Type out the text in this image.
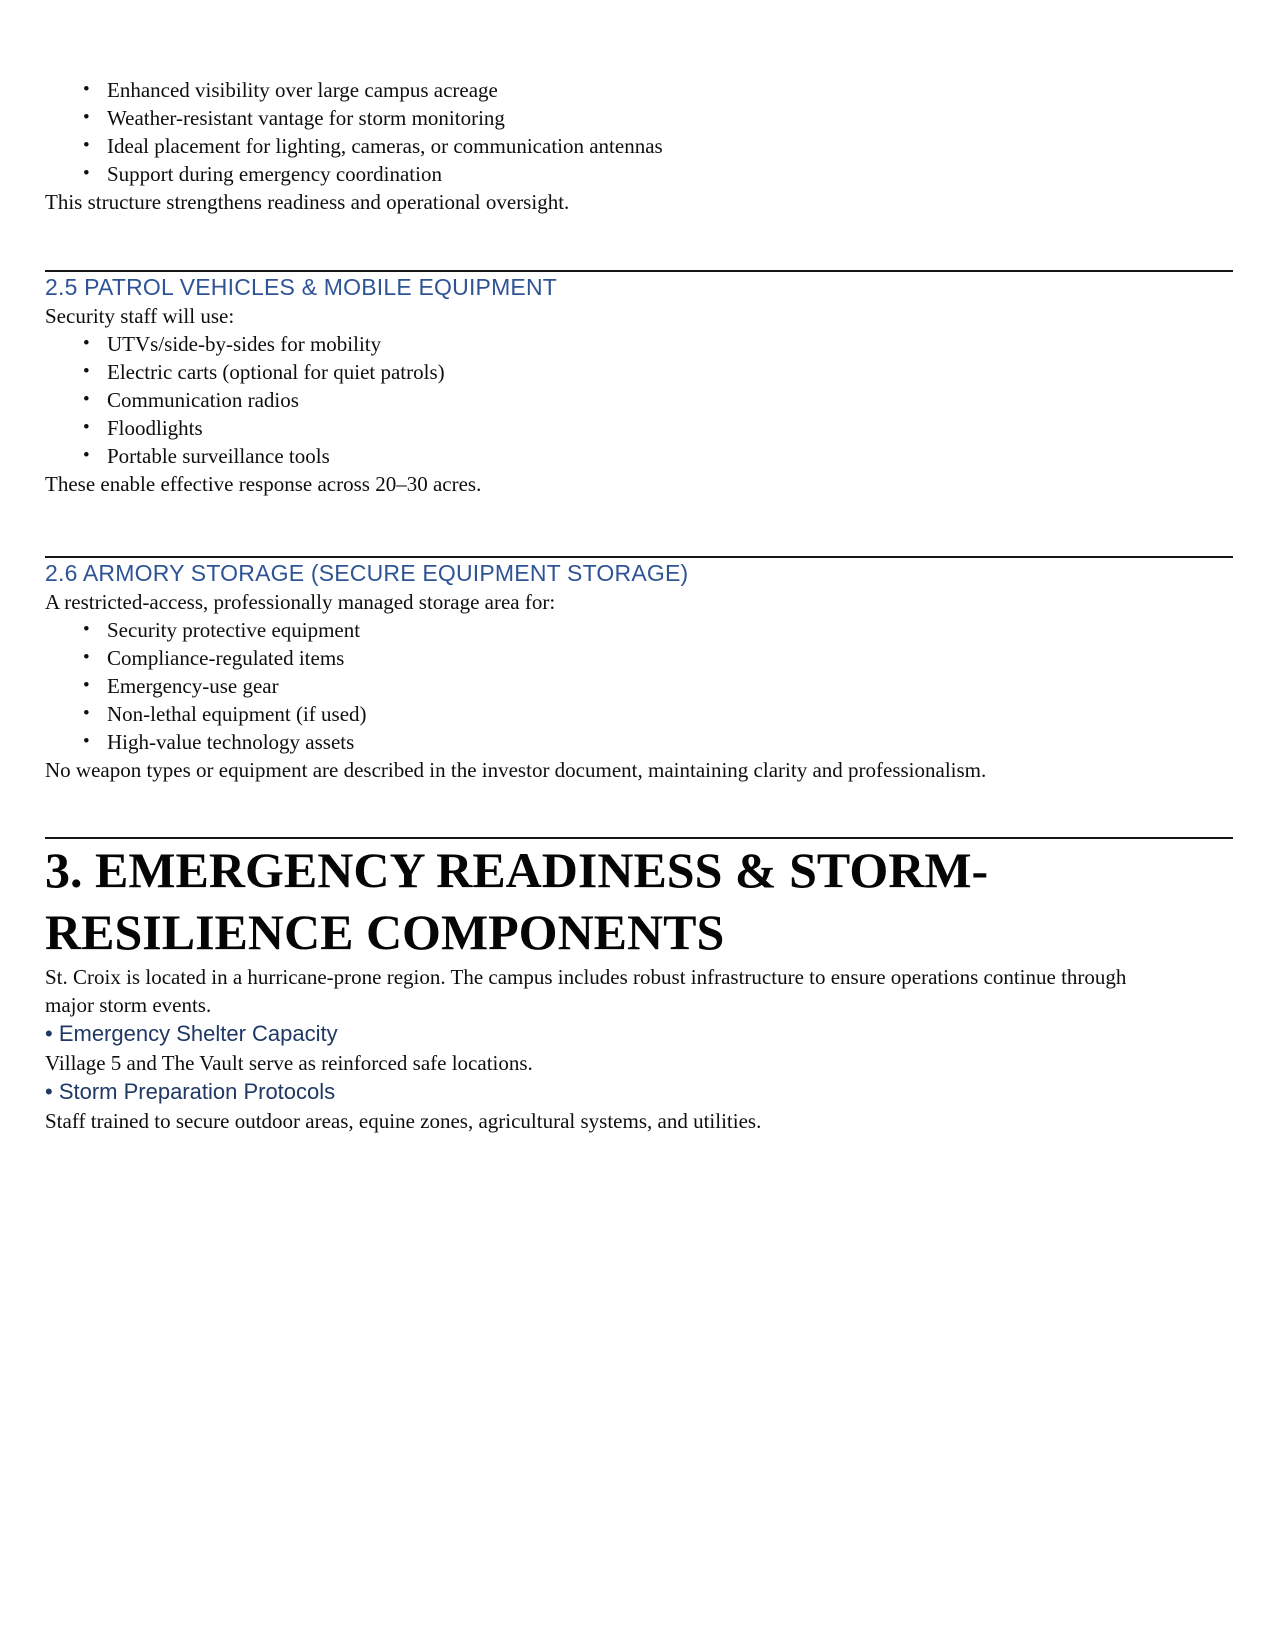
• Enhanced visibility over large campus acreage
• Weather-resistant vantage for storm monitoring
• Ideal placement for lighting, cameras, or communication antennas
• Support during emergency coordination

This structure strengthens readiness and operational oversight.

2.5 PATROL VEHICLES & MOBILE EQUIPMENT

Security staff will use:

• UTVs/side-by-sides for mobility
• Electric carts (optional for quiet patrols)
• Communication radios
• Floodlights
• Portable surveillance tools

These enable effective response across 20–30 acres.

2.6 ARMORY STORAGE (SECURE EQUIPMENT STORAGE)

A restricted-access, professionally managed storage area for:

• Security protective equipment
• Compliance-regulated items
• Emergency-use gear
• Non-lethal equipment (if used)
• High-value technology assets

No weapon types or equipment are described in the investor document, maintaining clarity and professionalism.

3. EMERGENCY READINESS & STORM-
RESILIENCE COMPONENTS

St. Croix is located in a hurricane-prone region. The campus includes robust infrastructure to ensure operations continue through major storm events.

• Emergency Shelter Capacity

Village 5 and The Vault serve as reinforced safe locations.

• Storm Preparation Protocols

Staff trained to secure outdoor areas, equine zones, agricultural systems, and utilities.
